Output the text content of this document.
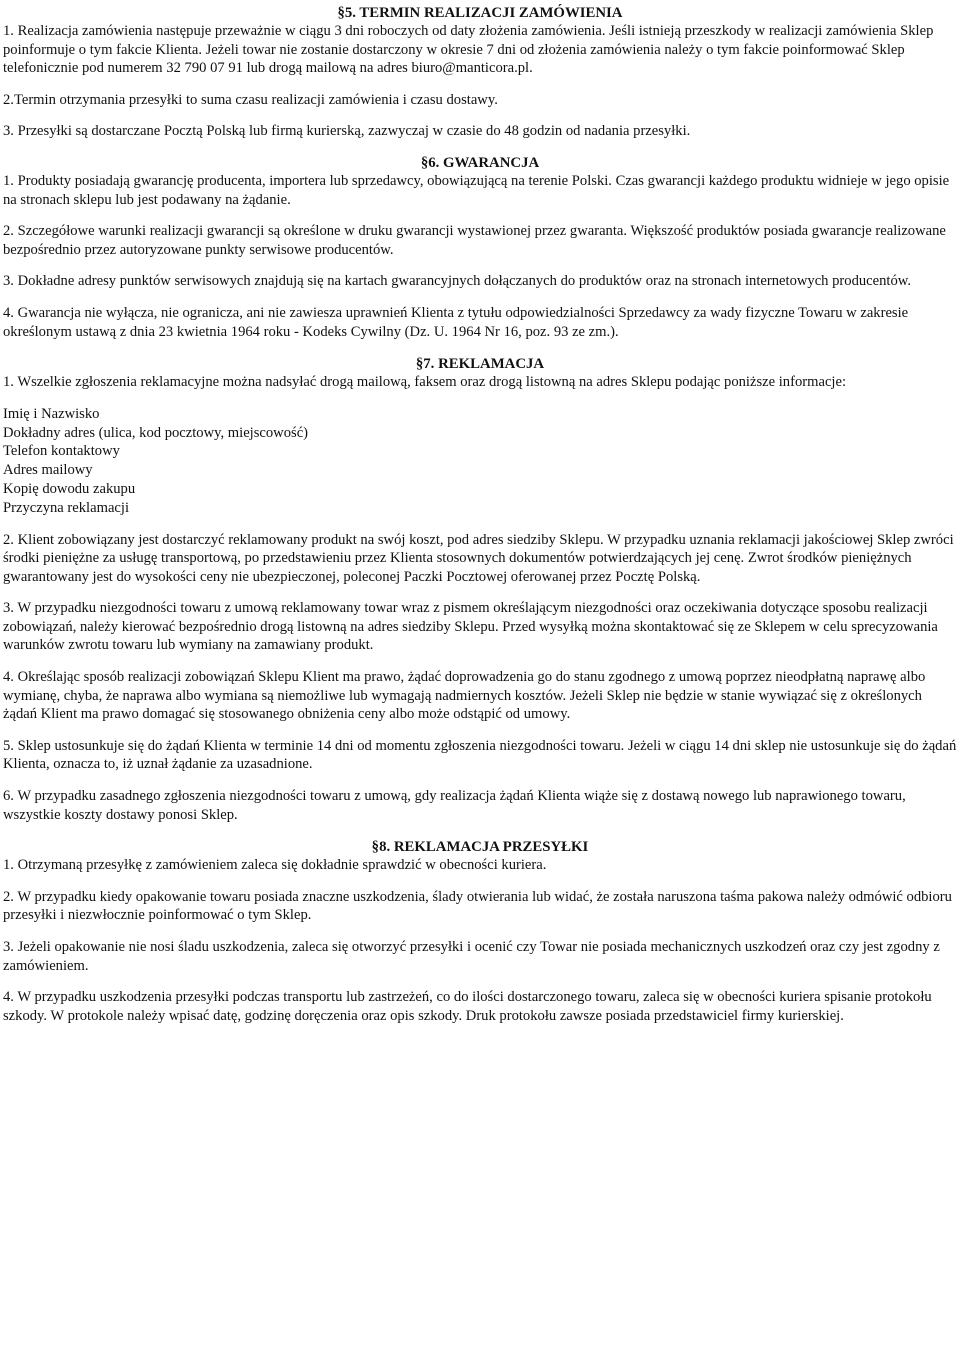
§5. TERMIN REALIZACJI ZAMÓWIENIA

1. Realizacja zamówienia następuje przeważnie w ciągu 3 dni roboczych od daty złożenia zamówienia. Jeśli istnieją przeszkody w realizacji zamówienia Sklep poinformuje o tym fakcie Klienta. Jeżeli towar nie zostanie dostarczony w okresie 7 dni od złożenia zamówienia należy o tym fakcie poinformować Sklep telefonicznie pod numerem 32 790 07 91 lub drogą mailową na adres biuro@manticora.pl.

2.Termin otrzymania przesyłki to suma czasu realizacji zamówienia i czasu dostawy.

3. Przesyłki są dostarczane Pocztą Polską lub firmą kurierską, zazwyczaj w czasie do 48 godzin od nadania przesyłki.

§6. GWARANCJA

1. Produkty posiadają gwarancję producenta, importera lub sprzedawcy, obowiązującą na terenie Polski. Czas gwarancji każdego produktu widnieje w jego opisie na stronach sklepu lub jest podawany na żądanie.

2. Szczegółowe warunki realizacji gwarancji są określone w druku gwarancji wystawionej przez gwaranta. Większość produktów posiada gwarancje realizowane bezpośrednio przez autoryzowane punkty serwisowe producentów.

3. Dokładne adresy punktów serwisowych znajdują się na kartach gwarancyjnych dołączanych do produktów oraz na stronach internetowych producentów.

4. Gwarancja nie wyłącza, nie ogranicza, ani nie zawiesza uprawnień Klienta z tytułu odpowiedzialności Sprzedawcy za wady fizyczne Towaru w zakresie określonym ustawą z dnia 23 kwietnia 1964 roku - Kodeks Cywilny (Dz. U. 1964 Nr 16, poz. 93 ze zm.).

§7. REKLAMACJA

1. Wszelkie zgłoszenia reklamacyjne można nadsyłać drogą mailową, faksem oraz drogą listowną na adres Sklepu podając poniższe informacje:

Imię i Nazwisko
Dokładny adres (ulica, kod pocztowy, miejscowość)
Telefon kontaktowy
Adres mailowy
Kopię dowodu zakupu
Przyczyna reklamacji

2. Klient zobowiązany jest dostarczyć reklamowany produkt na swój koszt, pod adres siedziby Sklepu. W przypadku uznania reklamacji jakościowej Sklep zwróci środki pieniężne za usługę transportową, po przedstawieniu przez Klienta stosownych dokumentów potwierdzających jej cenę. Zwrot środków pieniężnych gwarantowany jest do wysokości ceny nie ubezpieczonej, poleconej Paczki Pocztowej oferowanej przez Pocztę Polską.

3. W przypadku niezgodności towaru z umową reklamowany towar wraz z pismem określającym niezgodności oraz oczekiwania dotyczące sposobu realizacji zobowiązań, należy kierować bezpośrednio drogą listowną na adres siedziby Sklepu. Przed wysyłką można skontaktować się ze Sklepem w celu sprecyzowania warunków zwrotu towaru lub wymiany na zamawiany produkt.

4. Określając sposób realizacji zobowiązań Sklepu Klient ma prawo, żądać doprowadzenia go do stanu zgodnego z umową poprzez nieodpłatną naprawę albo wymianę, chyba, że naprawa albo wymiana są niemożliwe lub wymagają nadmiernych kosztów. Jeżeli Sklep nie będzie w stanie wywiązać się z określonych żądań Klient ma prawo domagać się stosowanego obniżenia ceny albo może odstąpić od umowy.

5. Sklep ustosunkuje się do żądań Klienta w terminie 14 dni od momentu zgłoszenia niezgodności towaru. Jeżeli w ciągu 14 dni sklep nie ustosunkuje się do żądań Klienta, oznacza to, iż uznał żądanie za uzasadnione.

6. W przypadku zasadnego zgłoszenia niezgodności towaru z umową, gdy realizacja żądań Klienta wiąże się z dostawą nowego lub naprawionego towaru, wszystkie koszty dostawy ponosi Sklep.

§8. REKLAMACJA PRZESYŁKI

1. Otrzymaną przesyłkę z zamówieniem zaleca się dokładnie sprawdzić w obecności kuriera.

2. W przypadku kiedy opakowanie towaru posiada znaczne uszkodzenia, ślady otwierania lub widać, że została naruszona taśma pakowa należy odmówić odbioru przesyłki i niezwłocznie poinformować o tym Sklep.

3. Jeżeli opakowanie nie nosi śladu uszkodzenia, zaleca się otworzyć przesyłki i ocenić czy Towar nie posiada mechanicznych uszkodzeń oraz czy jest zgodny z zamówieniem.

4. W przypadku uszkodzenia przesyłki podczas transportu lub zastrzeżeń, co do ilości dostarczonego towaru, zaleca się w obecności kuriera spisanie protokołu szkody. W protokole należy wpisać datę, godzinę doręczenia oraz opis szkody. Druk protokołu zawsze posiada przedstawiciel firmy kurierskiej.
